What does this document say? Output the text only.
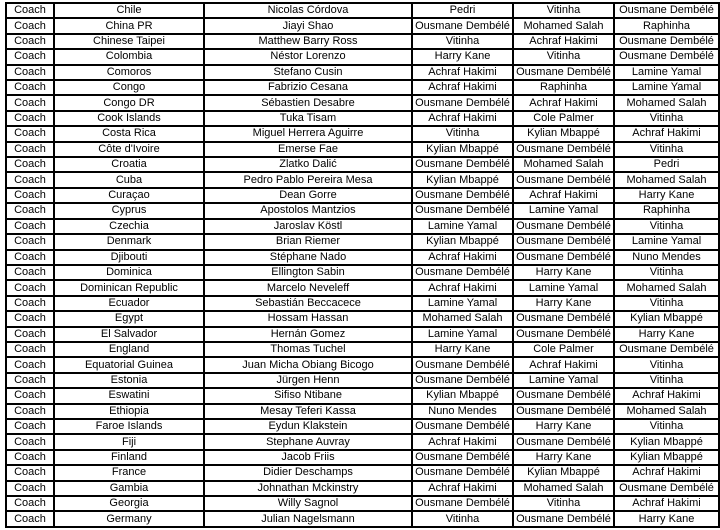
Coach	Chile	Nicolas Córdova	Pedri	Vitinha	Ousmane Dembélé
Coach	China PR	Jiayi Shao	Ousmane Dembélé	Mohamed Salah	Raphinha
Coach	Chinese Taipei	Matthew Barry Ross	Vitinha	Achraf Hakimi	Ousmane Dembélé
Coach	Colombia	Néstor Lorenzo	Harry Kane	Vitinha	Ousmane Dembélé
Coach	Comoros	Stefano Cusin	Achraf Hakimi	Ousmane Dembélé	Lamine Yamal
Coach	Congo	Fabrizio Cesana	Achraf Hakimi	Raphinha	Lamine Yamal
Coach	Congo DR	Sébastien Desabre	Ousmane Dembélé	Achraf Hakimi	Mohamed Salah
Coach	Cook Islands	Tuka Tisam	Achraf Hakimi	Cole Palmer	Vitinha
Coach	Costa Rica	Miguel Herrera Aguirre	Vitinha	Kylian Mbappé	Achraf Hakimi
Coach	Côte d'Ivoire	Emerse Fae	Kylian Mbappé	Ousmane Dembélé	Vitinha
Coach	Croatia	Zlatko Dalić	Ousmane Dembélé	Mohamed Salah	Pedri
Coach	Cuba	Pedro Pablo Pereira Mesa	Kylian Mbappé	Ousmane Dembélé	Mohamed Salah
Coach	Curaçao	Dean Gorre	Ousmane Dembélé	Achraf Hakimi	Harry Kane
Coach	Cyprus	Apostolos Mantzios	Ousmane Dembélé	Lamine Yamal	Raphinha
Coach	Czechia	Jaroslav Köstl	Lamine Yamal	Ousmane Dembélé	Vitinha
Coach	Denmark	Brian Riemer	Kylian Mbappé	Ousmane Dembélé	Lamine Yamal
Coach	Djibouti	Stéphane Nado	Achraf Hakimi	Ousmane Dembélé	Nuno Mendes
Coach	Dominica	Ellington Sabin	Ousmane Dembélé	Harry Kane	Vitinha
Coach	Dominican Republic	Marcelo Neveleff	Achraf Hakimi	Lamine Yamal	Mohamed Salah
Coach	Ecuador	Sebastián Beccacece	Lamine Yamal	Harry Kane	Vitinha
Coach	Egypt	Hossam Hassan	Mohamed Salah	Ousmane Dembélé	Kylian Mbappé
Coach	El Salvador	Hernán Gomez	Lamine Yamal	Ousmane Dembélé	Harry Kane
Coach	England	Thomas Tuchel	Harry Kane	Cole Palmer	Ousmane Dembélé
Coach	Equatorial Guinea	Juan Micha Obiang Bicogo	Ousmane Dembélé	Achraf Hakimi	Vitinha
Coach	Estonia	Jürgen Henn	Ousmane Dembélé	Lamine Yamal	Vitinha
Coach	Eswatini	Sifiso Ntibane	Kylian Mbappé	Ousmane Dembélé	Achraf Hakimi
Coach	Ethiopia	Mesay Teferi Kassa	Nuno Mendes	Ousmane Dembélé	Mohamed Salah
Coach	Faroe Islands	Eydun Klakstein	Ousmane Dembélé	Harry Kane	Vitinha
Coach	Fiji	Stephane Auvray	Achraf Hakimi	Ousmane Dembélé	Kylian Mbappé
Coach	Finland	Jacob Friis	Ousmane Dembélé	Harry Kane	Kylian Mbappé
Coach	France	Didier Deschamps	Ousmane Dembélé	Kylian Mbappé	Achraf Hakimi
Coach	Gambia	Johnathan Mckinstry	Achraf Hakimi	Mohamed Salah	Ousmane Dembélé
Coach	Georgia	Willy Sagnol	Ousmane Dembélé	Vitinha	Achraf Hakimi
Coach	Germany	Julian Nagelsmann	Vitinha	Ousmane Dembélé	Harry Kane
